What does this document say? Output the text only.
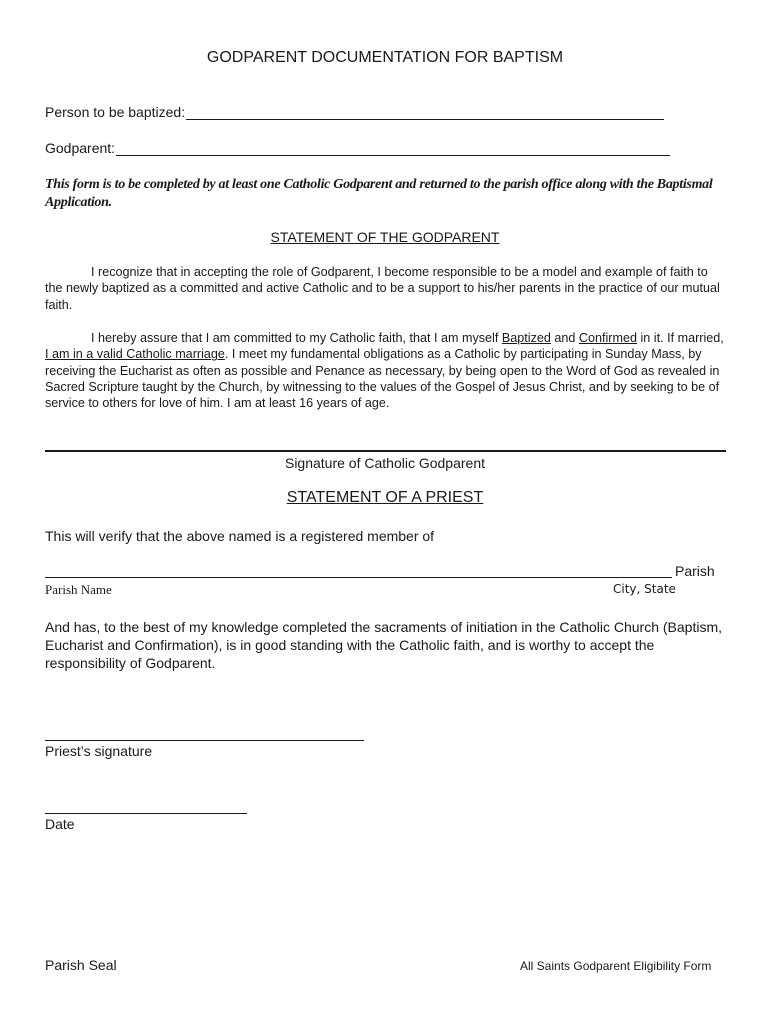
GODPARENT DOCUMENTATION FOR BAPTISM
Person to be baptized:
Godparent:
This form is to be completed by at least one Catholic Godparent and returned to the parish office along with the Baptismal Application.
STATEMENT OF THE GODPARENT

I recognize that in accepting the role of Godparent, I become responsible to be a model and example of faith to the newly baptized as a committed and active Catholic and to be a support to his/her parents in the practice of our mutual faith.

I hereby assure that I am committed to my Catholic faith, that I am myself Baptized and Confirmed in it. If married, I am in a valid Catholic marriage. I meet my fundamental obligations as a Catholic by participating in Sunday Mass, by receiving the Eucharist as often as possible and Penance as necessary, by being open to the Word of God as revealed in Sacred Scripture taught by the Church, by witnessing to the values of the Gospel of Jesus Christ, and by seeking to be of service to others for love of him. I am at least 16 years of age.

Signature of Catholic Godparent
STATEMENT OF A PRIEST
This will verify that the above named is a registered member of
Parish
Parish Name	City, State
And has, to the best of my knowledge completed the sacraments of initiation in the Catholic Church (Baptism, Eucharist and Confirmation), is in good standing with the Catholic faith, and is worthy to accept the responsibility of Godparent.
Priest’s signature
Date
Parish Seal	All Saints Godparent Eligibility Form
